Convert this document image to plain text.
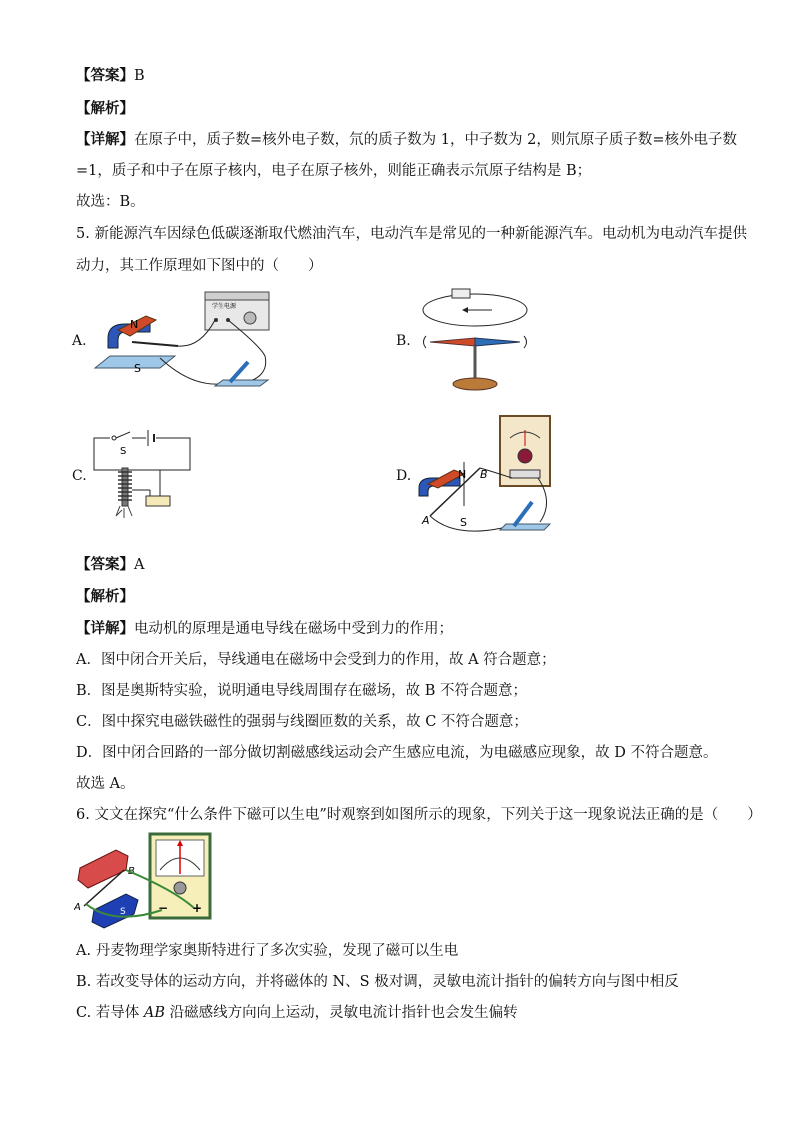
【答案】B
【解析】
【详解】在原子中，质子数=核外电子数，氘的质子数为 1，中子数为 2，则氘原子质子数=核外电子数
=1，质子和中子在原子核内，电子在原子核外，则能正确表示氘原子结构是 B；
故选：B。
5. 新能源汽车因绿色低碳逐渐取代燃油汽车，电动汽车是常见的一种新能源汽车。电动机为电动汽车提供
动力，其工作原理如下图中的（　　）
A.	B.
C.	D.
学生电源
N
S
S
N B
S
A
【答案】A
【解析】
【详解】电动机的原理是通电导线在磁场中受到力的作用；
A．图中闭合开关后，导线通电在磁场中会受到力的作用，故 A 符合题意；
B．图是奥斯特实验，说明通电导线周围存在磁场，故 B 不符合题意；
C．图中探究电磁铁磁性的强弱与线圈匝数的关系，故 C 不符合题意；
D．图中闭合回路的一部分做切割磁感线运动会产生感应电流，为电磁感应现象，故 D 不符合题意。
故选 A。
6. 文文在探究“什么条件下磁可以生电”时观察到如图所示的现象，下列关于这一现象说法正确的是（　　）
S
B
A	− +
A. 丹麦物理学家奥斯特进行了多次实验，发现了磁可以生电
B. 若改变导体的运动方向，并将磁体的 N、S 极对调，灵敏电流计指针的偏转方向与图中相反
C. 若导体 AB 沿磁感线方向向上运动，灵敏电流计指针也会发生偏转
